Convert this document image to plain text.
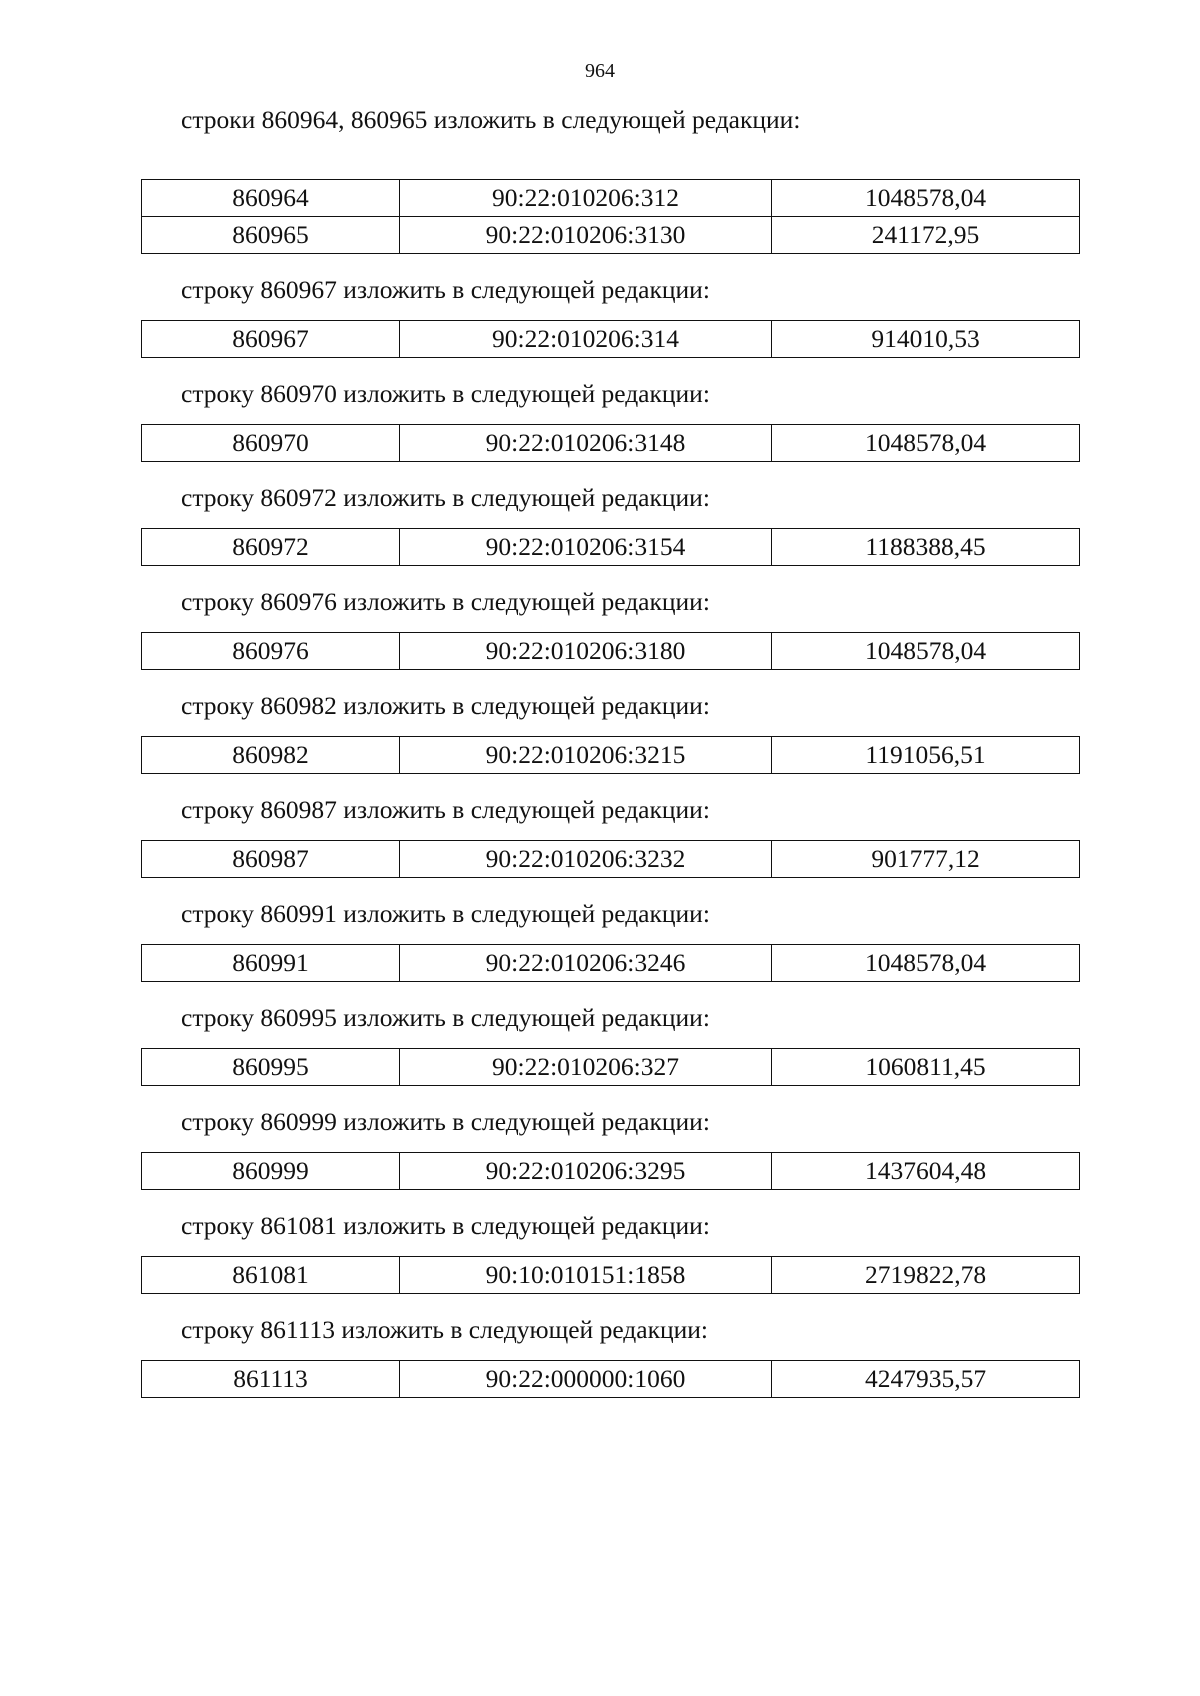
964
строки 860964, 860965 изложить в следующей редакции:
860964	90:22:010206:312	1048578,04
860965	90:22:010206:3130	241172,95
строку 860967 изложить в следующей редакции:
860967	90:22:010206:314	914010,53
строку 860970 изложить в следующей редакции:
860970	90:22:010206:3148	1048578,04
строку 860972 изложить в следующей редакции:
860972	90:22:010206:3154	1188388,45
строку 860976 изложить в следующей редакции:
860976	90:22:010206:3180	1048578,04
строку 860982 изложить в следующей редакции:
860982	90:22:010206:3215	1191056,51
строку 860987 изложить в следующей редакции:
860987	90:22:010206:3232	901777,12
строку 860991 изложить в следующей редакции:
860991	90:22:010206:3246	1048578,04
строку 860995 изложить в следующей редакции:
860995	90:22:010206:327	1060811,45
строку 860999 изложить в следующей редакции:
860999	90:22:010206:3295	1437604,48
строку 861081 изложить в следующей редакции:
861081	90:10:010151:1858	2719822,78
строку 861113 изложить в следующей редакции:
861113	90:22:000000:1060	4247935,57
